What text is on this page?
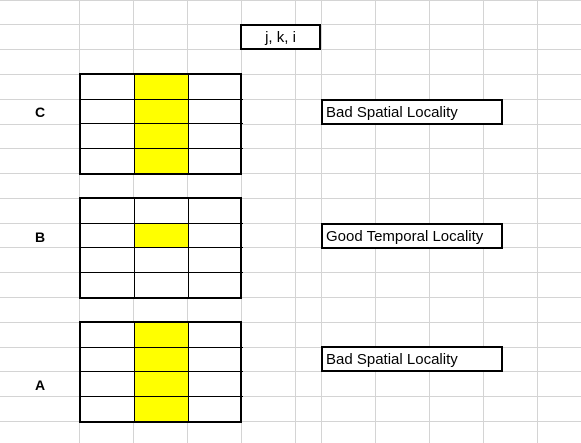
j, k, i
C	Bad Spatial Locality
B	Good Temporal Locality
A
Bad Spatial Locality
